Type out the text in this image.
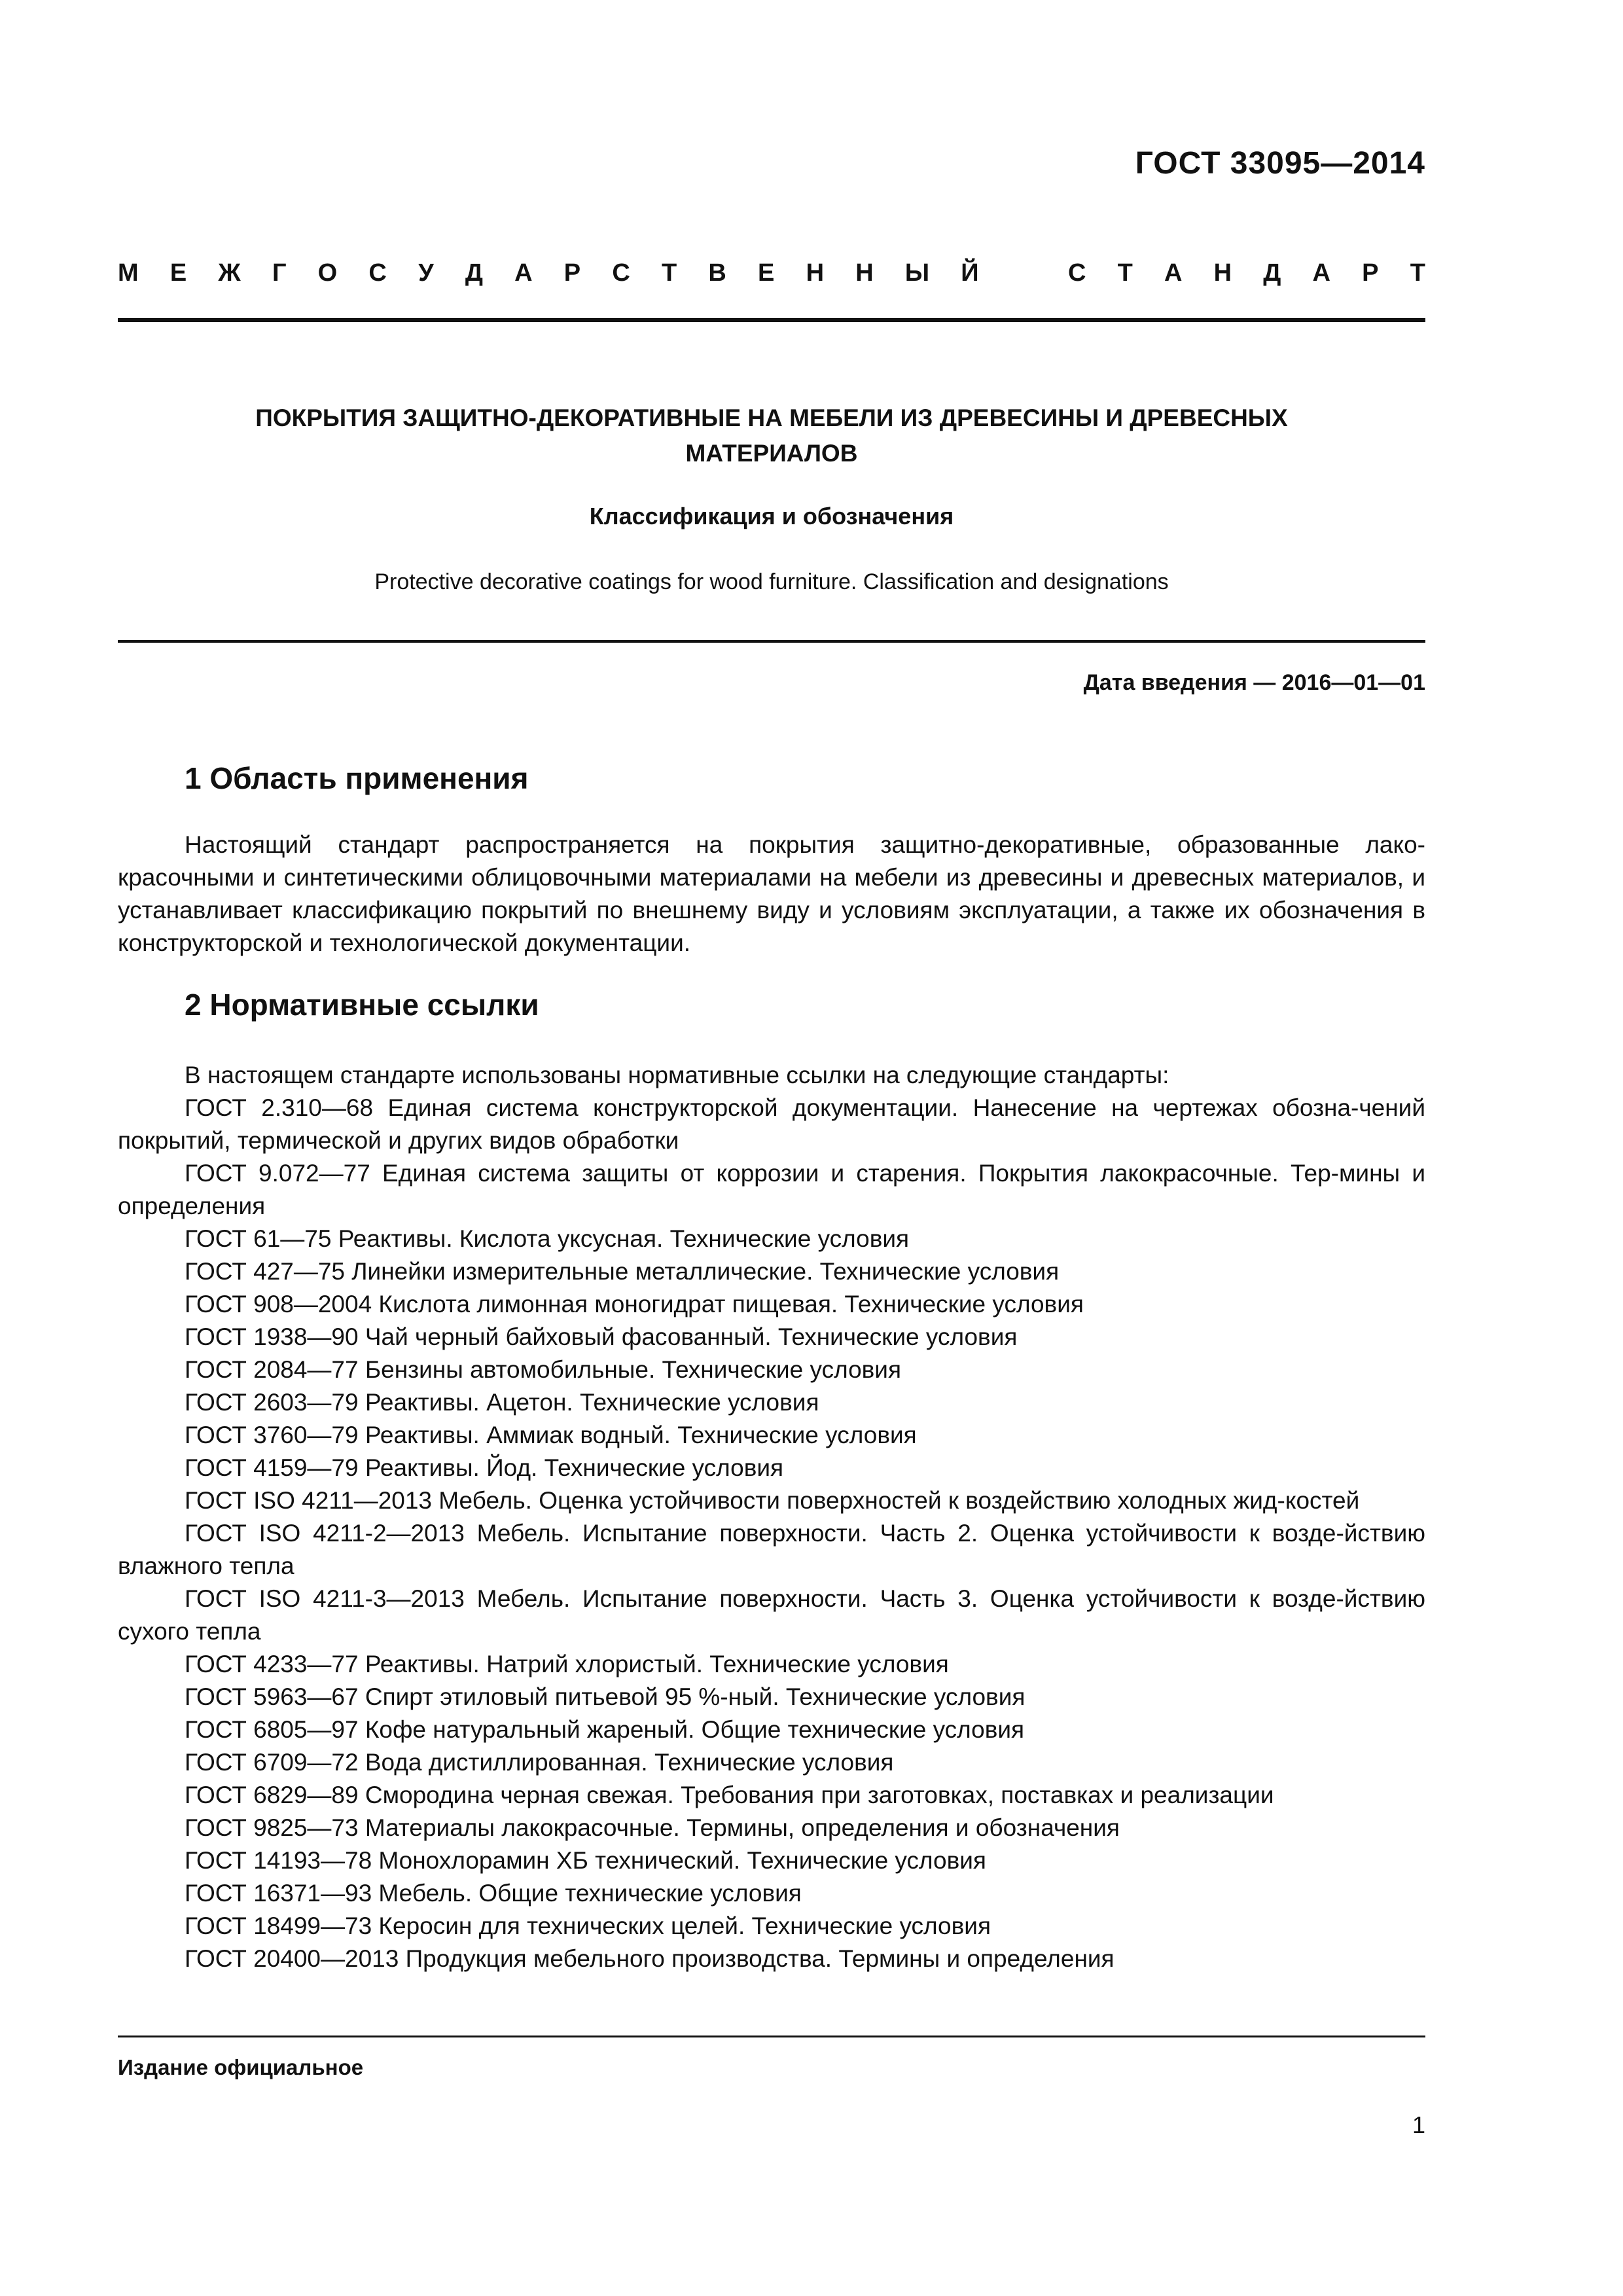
ГОСТ 33095—2014
М Е Ж Г О С У Д А Р С Т В Е Н Н Ы Й	С Т А Н Д А Р Т
ПОКРЫТИЯ ЗАЩИТНО-ДЕКОРАТИВНЫЕ НА МЕБЕЛИ ИЗ ДРЕВЕСИНЫ И ДРЕВЕСНЫХ
МАТЕРИАЛОВ
Классификация и обозначения
Protective decorative coatings for wood furniture. Classification and designations
Дата введения — 2016—01—01
1 Область применения
Настоящий стандарт распространяется на покрытия защитно-декоративные, образованные лако-красочными и синтетическими облицовочными материалами на мебели из древесины и древесных материалов, и устанавливает классификацию покрытий по внешнему виду и условиям эксплуатации, а также их обозначения в конструкторской и технологической документации.
2 Нормативные ссылки

В настоящем стандарте использованы нормативные ссылки на следующие стандарты:

ГОСТ 2.310—68 Единая система конструкторской документации. Нанесение на чертежах обозна-чений покрытий, термической и других видов обработки

ГОСТ 9.072—77 Единая система защиты от коррозии и старения. Покрытия лакокрасочные. Тер-мины и определения

ГОСТ 61—75 Реактивы. Кислота уксусная. Технические условия

ГОСТ 427—75 Линейки измерительные металлические. Технические условия

ГОСТ 908—2004 Кислота лимонная моногидрат пищевая. Технические условия

ГОСТ 1938—90 Чай черный байховый фасованный. Технические условия

ГОСТ 2084—77 Бензины автомобильные. Технические условия

ГОСТ 2603—79 Реактивы. Ацетон. Технические условия

ГОСТ 3760—79 Реактивы. Аммиак водный. Технические условия

ГОСТ 4159—79 Реактивы. Йод. Технические условия

ГОСТ ISO 4211—2013 Мебель. Оценка устойчивости поверхностей к воздействию холодных жид-костей

ГОСТ ISO 4211-2—2013 Мебель. Испытание поверхности. Часть 2. Оценка устойчивости к возде-йствию влажного тепла

ГОСТ ISO 4211-3—2013 Мебель. Испытание поверхности. Часть 3. Оценка устойчивости к возде-йствию сухого тепла

ГОСТ 4233—77 Реактивы. Натрий хлористый. Технические условия

ГОСТ 5963—67 Спирт этиловый питьевой 95 %-ный. Технические условия

ГОСТ 6805—97 Кофе натуральный жареный. Общие технические условия

ГОСТ 6709—72 Вода дистиллированная. Технические условия

ГОСТ 6829—89 Смородина черная свежая. Требования при заготовках, поставках и реализации

ГОСТ 9825—73 Материалы лакокрасочные. Термины, определения и обозначения

ГОСТ 14193—78 Монохлорамин ХБ технический. Технические условия

ГОСТ 16371—93 Мебель. Общие технические условия

ГОСТ 18499—73 Керосин для технических целей. Технические условия

ГОСТ 20400—2013 Продукция мебельного производства. Термины и определения

Издание официальное
1
